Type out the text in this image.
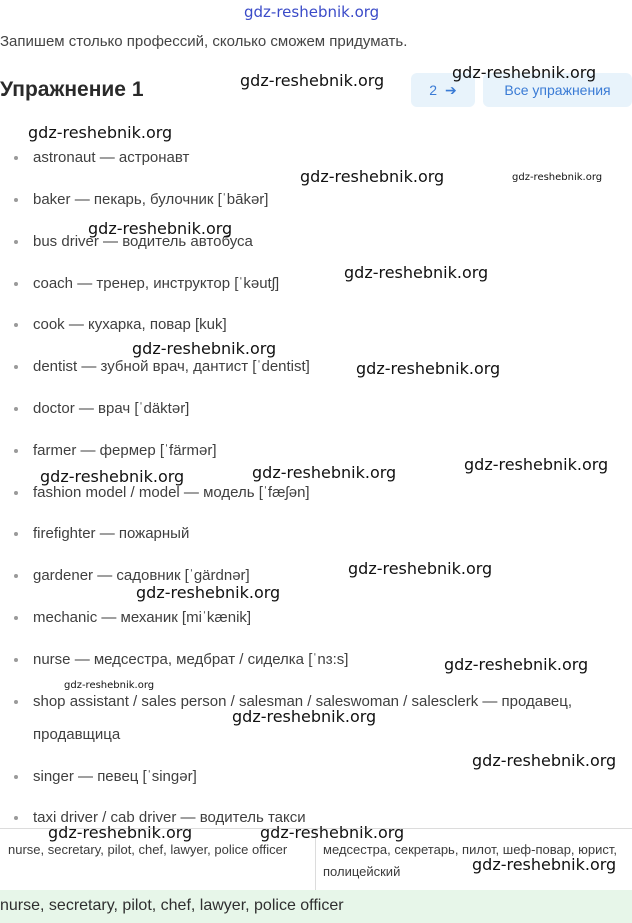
gdz-reshebnik.org
Запишем столько профессий, сколько сможем придумать.
Упражнение 1	2 ➔	Все упражнения
astronaut — астронавт
baker — пекарь, булочник [ˈbākər]
bus driver — водитель автобуса
coach — тренер, инструктор [ˈkəutʃ]
cook — кухарка, повар [kuk]
dentist — зубной врач, дантист [ˈdentist]
doctor — врач [ˈdäktər]
farmer — фермер [ˈfärmər]
fashion model / model — модель [ˈfæʃən]
firefighter — пожарный
gardener — садовник [ˈgärdnər]
mechanic — механик [miˈkænik]
nurse — медсестра, медбрат / сиделка [ˈnɜ:s]
shop assistant / sales person / salesman / saleswoman / salesclerk — продавец, продавщица
singer — певец [ˈsingər]
taxi driver / cab driver — водитель такси
nurse, secretary, pilot, chef, lawyer, police officer	медсестра, секретарь, пилот, шеф-повар, юрист, полицейский
nurse, secretary, pilot, chef, lawyer, police officer
gdz-reshebnik.org	gdz-reshebnik.org
gdz-reshebnik.org
gdz-reshebnik.org	gdz-reshebnik.org
gdz-reshebnik.org
gdz-reshebnik.org
gdz-reshebnik.org
gdz-reshebnik.org
gdz-reshebnik.org	gdz-reshebnik.org	gdz-reshebnik.org
gdz-reshebnik.org
gdz-reshebnik.org
gdz-reshebnik.org
gdz-reshebnik.org
gdz-reshebnik.org
gdz-reshebnik.org
gdz-reshebnik.org	gdz-reshebnik.org
gdz-reshebnik.org
